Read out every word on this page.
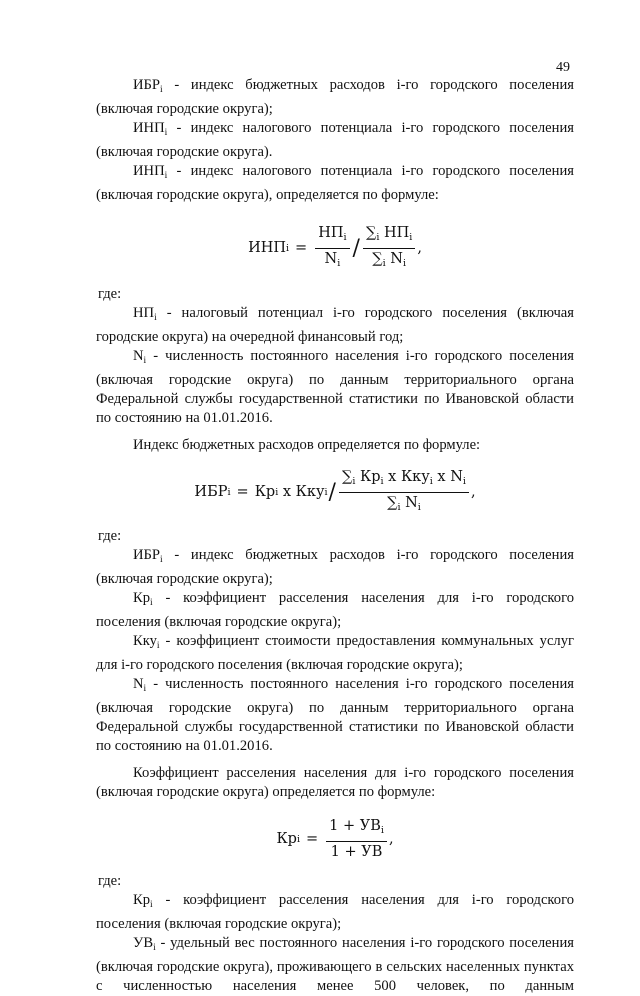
49

$ИБР_i$ - индекс бюджетных расходов i-го городского поселения (включая городские округа);

$ИНП_i$ - индекс налогового потенциала i-го городского поселения (включая городские округа).

$ИНП_i$ - индекс налогового потенциала i-го городского поселения (включая городские округа), определяется по формуле:

ИНП $i = \frac{НП_i}{N_i} / \frac{\sum_i НП_i}{\sum_i N_i}$ ,

где:

$НП_i$ - налоговый потенциал i-го городского поселения (включая городские округа) на очередной финансовый год;

$N_i$ - численность постоянного населения i-го городского поселения (включая городские округа) по данным территориального органа Федеральной службы государственной статистики по Ивановской области по состоянию на 01.01.2016.

Индекс бюджетных расходов определяется по формуле:

ИБР i = Кр i x Кку i / $\frac{\sum_i Кр_i x Кку_i x N_i}{\sum_i N_i}$ ,

где:

$ИБР_i$ - индекс бюджетных расходов i-го городского поселения (включая городские округа);

$Кр_i$ - коэффициент расселения населения для i-го городского поселения (включая городские округа);

Кку$_i$ - коэффициент стоимости предоставления коммунальных услуг для i-го городского поселения (включая городские округа);

$N_i$ - численность постоянного населения i-го городского поселения (включая городские округа) по данным территориального органа Федеральной службы государственной статистики по Ивановской области по состоянию на 01.01.2016.

Коэффициент расселения населения для i-го городского поселения (включая городские округа) определяется по формуле:

Кр $i = \frac{1 + УВ_i}{1 + УВ}$ ,

где:

$Кр_i$ - коэффициент расселения населения для i-го городского поселения (включая городские округа);

$УВ_i$ - удельный вес постоянного населения i-го городского поселения (включая городские округа), проживающего в сельских населенных пунктах с численностью населения менее 500 человек, по данным
